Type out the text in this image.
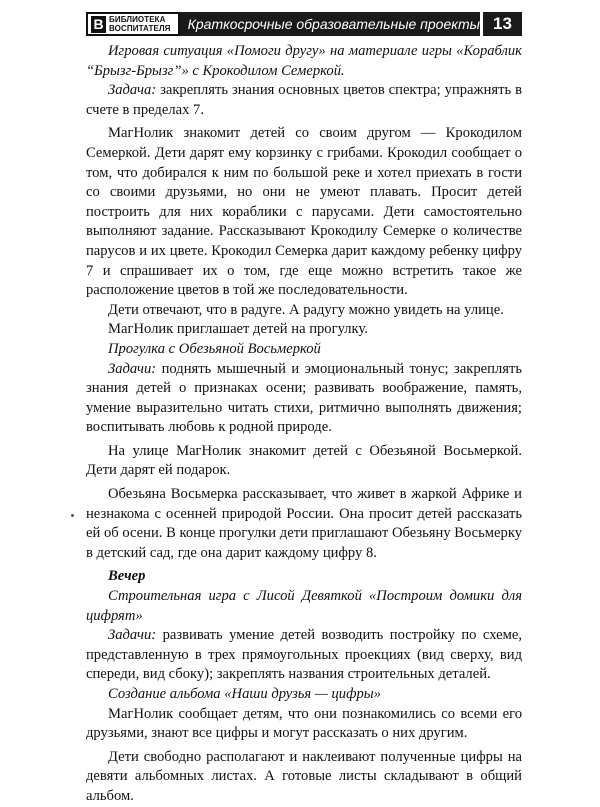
В БИБЛИОТЕКА
ВОСПИТАТЕЛЯ	Краткосрочные образовательные проекты 13

Игровая ситуация «Помоги другу» на материале игры «Кораблик “Брызг-Брызг”» с Крокодилом Семеркой.

Задача: закреплять знания основных цветов спектра; упражнять в счете в пределах 7.

МагНолик знакомит детей со своим другом — Крокодилом Семеркой. Дети дарят ему корзинку с грибами. Крокодил сообщает о том, что добирался к ним по большой реке и хотел приехать в гости со своими друзьями, но они не умеют плавать. Просит детей построить для них кораблики с парусами. Дети самостоятельно выполняют задание. Рассказывают Крокодилу Семерке о количестве парусов и их цвете. Крокодил Семерка дарит каждому ребенку цифру 7 и спрашивает их о том, где еще можно встретить такое же расположение цветов в той же последовательности.

Дети отвечают, что в радуге. А радугу можно увидеть на улице.

МагНолик приглашает детей на прогулку.

Прогулка с Обезьяной Восьмеркой

Задачи: поднять мышечный и эмоциональный тонус; закреплять знания детей о признаках осени; развивать воображение, память, умение выразительно читать стихи, ритмично выполнять движения; воспитывать любовь к родной природе.

На улице МагНолик знакомит детей с Обезьяной Восьмеркой. Дети дарят ей подарок.

Обезьяна Восьмерка рассказывает, что живет в жаркой Африке и незнакома с осенней природой России. Она просит детей рассказать ей об осени. В конце прогулки дети приглашают Обезьяну Восьмерку в детский сад, где она дарит каждому цифру 8.

Вечер

Строительная игра с Лисой Девяткой «Построим домики для цифрят»

Задачи: развивать умение детей возводить постройку по схеме, представленную в трех прямоугольных проекциях (вид сверху, вид спереди, вид сбоку); закреплять названия строительных деталей.

Создание альбома «Наши друзья — цифры»

МагНолик сообщает детям, что они познакомились со всеми его друзьями, знают все цифры и могут рассказать о них другим.

Дети свободно располагают и наклеивают полученные цифры на девяти альбомных листах. А готовые листы складывают в общий альбом.
